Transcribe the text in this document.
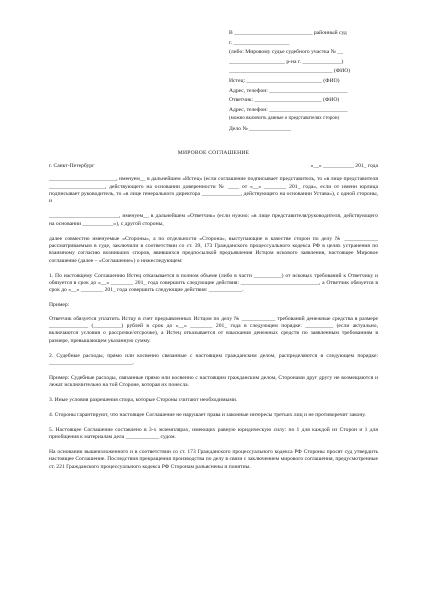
В ____________________________ районный суд
г. ____________________
(либо: Мировому судье судебного участка № __
____________________ р-на г. ______________)
_____________________________________ (ФИО)
Истец: ___________________________ (ФИО)
Адрес, телефон: ____________________________
Ответчик: ________________________ (ФИО)
Адрес, телефон: ____________________________
(можно включить данные о представителях сторон)
Дело № _______________
МИРОВОЕ СОГЛАШЕНИЕ
г. Санкт-Петербург	«__» ___________ 201_ года

________________________, именуем__ в дальнейшем «Истец» (если соглашение подписывает представитель, то «в лице представителя ____________________, действующего на основании доверенности № ____ от «__» ________ 201_ года», если от имени юрлица подписывает руководитель, то «в лице генерального директора ______________, действующего на основании Устава»), с одной стороны, и

_________________________, именуем__ в дальнейшем «Ответчик» (если нужно: «в лице представителя/руководителя, действующего на основании ___________»), с другой стороны,

далее совместно именуемые «Стороны», а по отдельности «Сторона», выступающие в качестве сторон по делу № ____________ рассматриваемым в суде, заключили в соответствии со ст. 39, 173 Гражданского процессуального кодекса РФ в целях устранения по взаимному согласию возникших споров, явившихся предпосылкой предъявления Истцом искового заявления, настоящее Мировое соглашение (далее – «Соглашение») о нижеследующем:

1. По настоящему Соглашению Истец отказывается в полном объеме (либо в части __________) от исковых требований к Ответчику и обязуется в срок до «__» ________ 201_ года совершить следующие действия: ____________________________, а Ответчик обязуется в срок до «__» ________ 201_ года совершить следующие действия: ____________.

Пример:

Ответчик обязуется уплатить Истцу в счет предъявленных Истцом по делу № ____________ требований денежные средства в размере ______________ (__________) рублей в срок до «__» ________ 201_ года в следующем порядке: __________ (если актуально, включаются условия о рассрочке/отсрочке), а Истец отказывается от взыскания денежных средств по заявленным требованиям в размере, превышающем указанную сумму.

2. Судебные расходы, прямо или косвенно связанные с настоящим гражданским делом, распределяются в следующем порядке: ______________________________.

Пример: Судебные расходы, связанные прямо или косвенно с настоящим гражданским делом, Сторонами друг другу не возмещаются и лежат исключительно на той Стороне, которая их понесла.

3. Иные условия разрешения спора, которые Стороны считают необходимыми.

4. Стороны гарантируют, что настоящее Соглашение не нарушает права и законные интересы третьих лиц и не противоречит закону.

5. Настоящее Соглашение составлено в 3-х экземплярах, имеющих равную юридическую силу: по 1 для каждой из Сторон и 1 для приобщения к материалам дела ____________ судом.

На основании вышеизложенного и в соответствии со ст. 173 Гражданского процессуального кодекса РФ Стороны просят суд утвердить настоящее Соглашение. Последствия прекращения производства по делу в связи с заключением мирового соглашения, предусмотренные ст. 221 Гражданского процессуального кодекса РФ Сторонам разъяснены и понятны.
